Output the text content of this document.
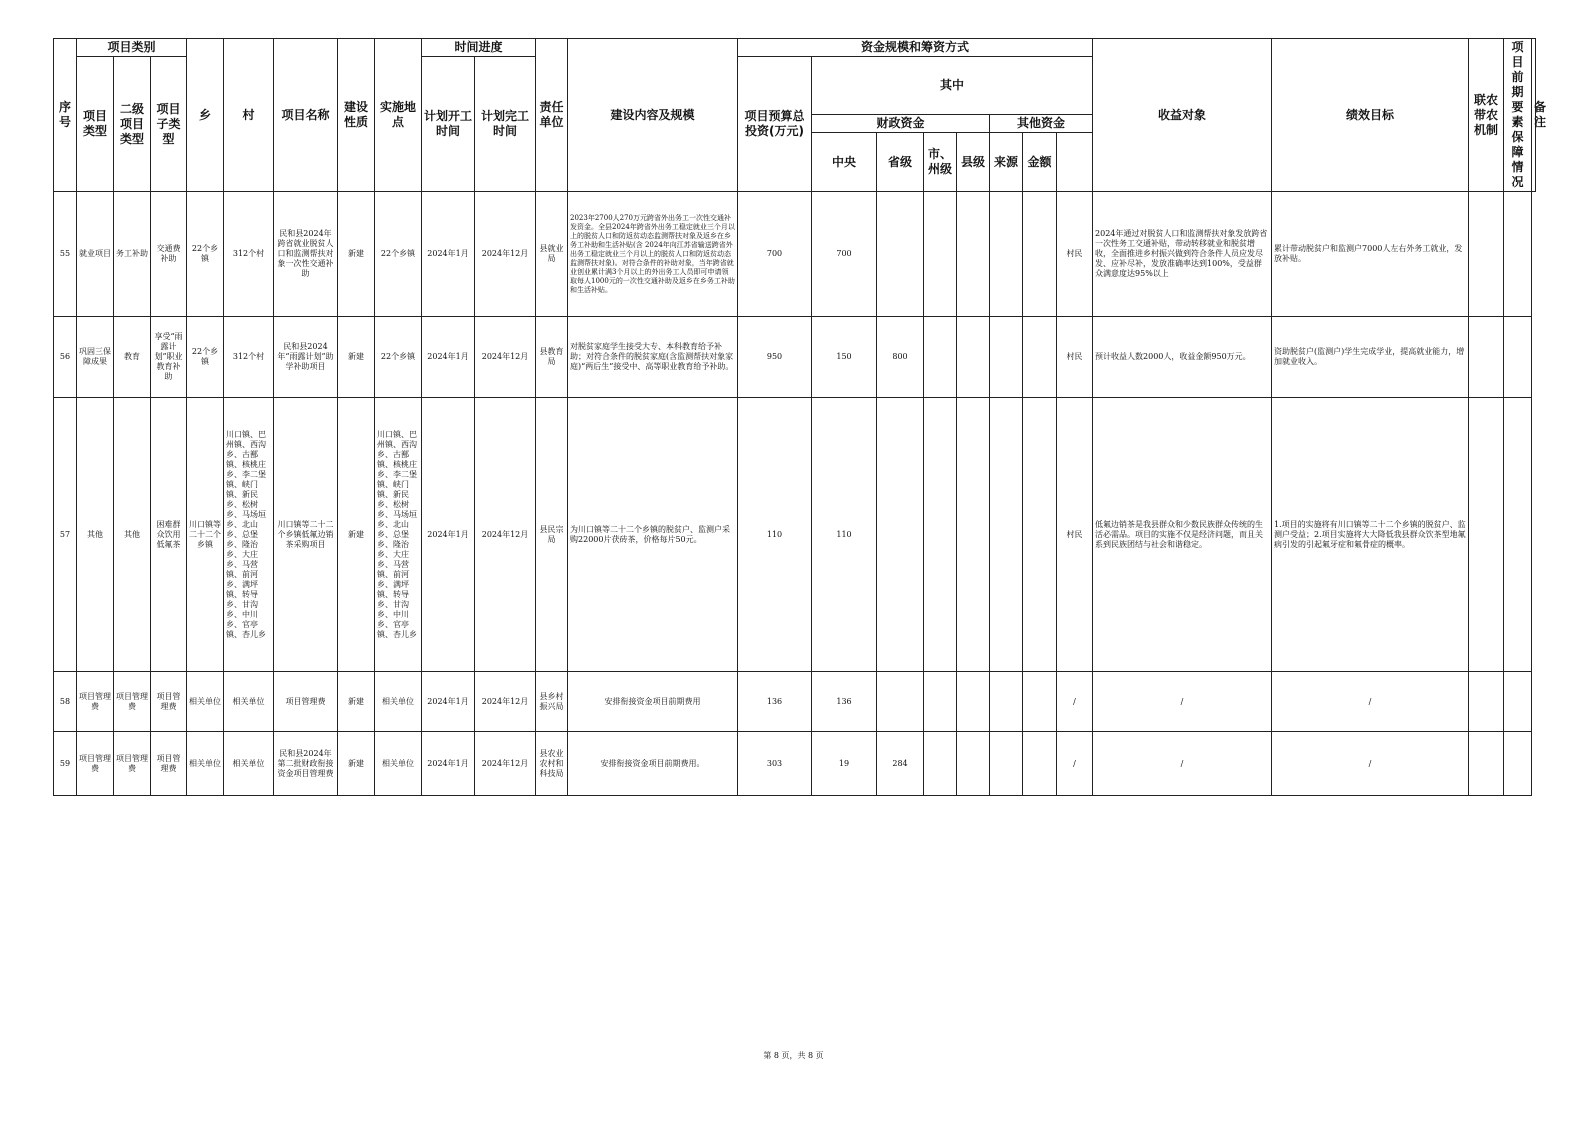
序号	项目类别			乡	村	项目名称	建设性质	实施地点	时间进度		责任单位	建设内容及规模	资金规模和筹资方式								收益对象	绩效目标	联农带农机制	项目前期要素保障情况	备注
	项目类型	二级项目类型	项目子类型						计划开工时间	计划完工时间			项目预算总投资(万元)	其中											
														财政资金				其他资金							
														中央	省级	市、州级	县级	来源	金额						
55	就业项目	务工补助	交通费补助	22个乡镇	312个村	民和县2024年跨省就业脱贫人口和监测帮扶对象一次性交通补助	新建	22个乡镇	2024年1月	2024年12月	县就业局	2023年2700人270万元跨省外出务工一次性交通补发资金。全县2024年跨省外出务工稳定就业三个月以上的脱贫人口和防返贫动态监测帮扶对象及返乡在乡务工补助和生活补贴(含 2024年向江苏省输送跨省外出务工稳定就业三个月以上的脱贫人口和防返贫动态监测帮扶对象)。对符合条件的补助对象，当年跨省就业创业累计满3个月以上的外出务工人员即可申请领取每人1000元的一次性交通补助及返乡在乡务工补助和生活补贴。	700	700						村民	2024年通过对脱贫人口和监测帮扶对象发放跨省一次性务工交通补贴，带动转移就业和脱贫增收，全面推进乡村振兴做到符合条件人员应发尽发、应补尽补，发放准确率达到100%，受益群众满意度达95%以上	累计带动脱贫户和监测户7000人左右外务工就业，发放补贴。			
56	巩固三保障成果	教育	享受“雨露计划”职业教育补助	22个乡镇	312个村	民和县2024年“雨露计划”助学补助项目	新建	22个乡镇	2024年1月	2024年12月	县教育局	对脱贫家庭学生接受大专、本科教育给予补助；对符合条件的脱贫家庭(含监测帮扶对象家庭)“两后生”接受中、高等职业教育给予补助。	950	150	800					村民	预计收益人数2000人，收益金额950万元。	资助脱贫户(监测户)学生完成学业，提高就业能力，增加就业收入。			
57	其他	其他	困难群众饮用低氟茶	川口镇等二十二个乡镇	川口镇、巴州镇、西沟乡、古鄯镇、核桃庄乡、李二堡镇、峡门镇、新民乡、松树乡、马场垣乡、北山乡、总堡乡、隆治乡、大庄乡、马营镇、前河乡、满坪镇、转导乡、甘沟乡、中川乡、官亭镇、杏儿乡	川口镇等二十二个乡镇低氟边销茶采购项目	新建	川口镇、巴州镇、西沟乡、古鄯镇、核桃庄乡、李二堡镇、峡门镇、新民乡、松树乡、马场垣乡、北山乡、总堡乡、隆治乡、大庄乡、马营镇、前河乡、满坪镇、转导乡、甘沟乡、中川乡、官亭镇、杏儿乡	2024年1月	2024年12月	县民宗局	为川口镇等二十二个乡镇的脱贫户、监测户采购22000片茯砖茶，价格每片50元。	110	110						村民	低氟边销茶是我县群众和少数民族群众传统的生活必需品。项目的实施不仅是经济问题，而且关系到民族团结与社会和谐稳定。	1.项目的实施将有川口镇等二十二个乡镇的脱贫户、监测户受益；2.项目实施将大大降低我县群众饮茶型地氟病引发的引起氟牙症和氟骨症的概率。			
58	项目管理费	项目管理费	项目管理费	相关单位	相关单位	项目管理费	新建	相关单位	2024年1月	2024年12月	县乡村振兴局	安排衔接资金项目前期费用	136	136						/	/	/			
59	项目管理费	项目管理费	项目管理费	相关单位	相关单位	民和县2024年第二批财政衔接资金项目管理费	新建	相关单位	2024年1月	2024年12月	县农业农村和科技局	安排衔接资金项目前期费用。	303	19	284					/	/	/			
第 8 页，共 8 页
